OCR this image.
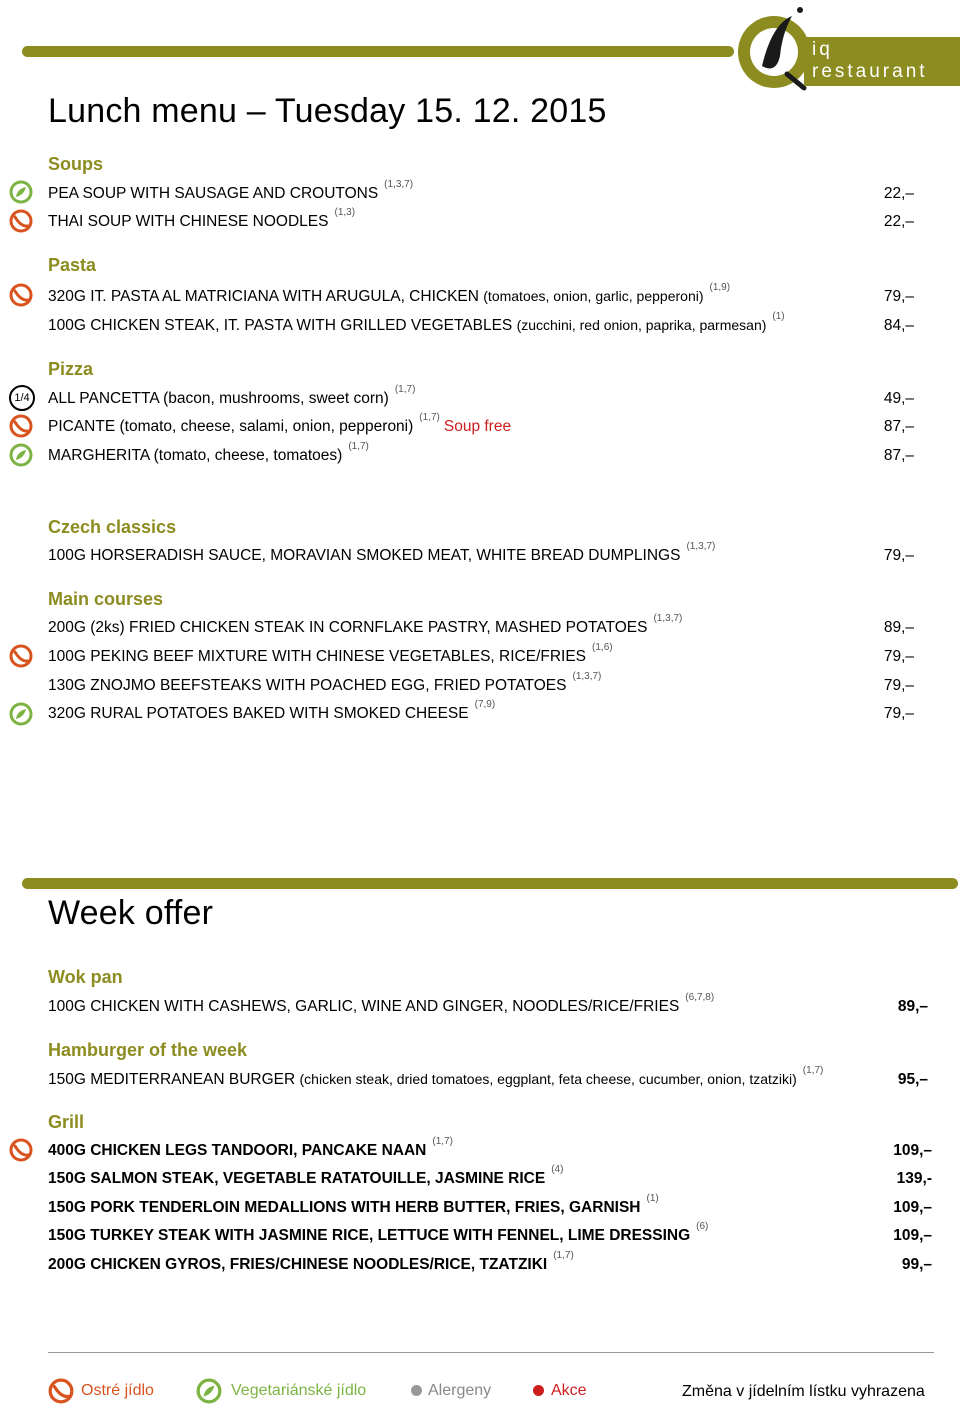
iq restaurant
Lunch menu – Tuesday 15. 12. 2015
Soups
PEA SOUP WITH SAUSAGE AND CROUTONS$^{(1,3,7)}$
22,–
THAI SOUP WITH CHINESE NOODLES$^{(1,3)}$
22,–
Pasta
320G IT. PASTA AL MATRICIANA WITH ARUGULA, CHICKEN (tomatoes, onion, garlic, pepperoni)$^{(1,9)}$
79,–
100G CHICKEN STEAK, IT. PASTA WITH GRILLED VEGETABLES (zucchini, red onion, paprika, parmesan)$^{(1)}$
84,–
Pizza
1/4	ALL PANCETTA (bacon, mushrooms, sweet corn)$^{(1,7)}$
49,–
PICANTE (tomato, cheese, salami, onion, pepperoni)$^{(1,7)}$Soup free	87,–
MARGHERITA (tomato, cheese, tomatoes)$^{(1,7)}$
87,–
Czech classics
100G HORSERADISH SAUCE, MORAVIAN SMOKED MEAT, WHITE BREAD DUMPLINGS$^{(1,3,7)}$
79,–
Main courses
200G (2ks) FRIED CHICKEN STEAK IN CORNFLAKE PASTRY, MASHED POTATOES$^{(1,3,7)}$
89,–
100G PEKING BEEF MIXTURE WITH CHINESE VEGETABLES, RICE/FRIES$^{(1,6)}$
79,–
130G ZNOJMO BEEFSTEAKS WITH POACHED EGG, FRIED POTATOES$^{(1,3,7)}$
79,–
320G RURAL POTATOES BAKED WITH SMOKED CHEESE$^{(7,9)}$
79,–
Week offer
Wok pan
100G CHICKEN WITH CASHEWS, GARLIC, WINE AND GINGER, NOODLES/RICE/FRIES$^{(6,7,8)}$
89,–
Hamburger of the week
150G MEDITERRANEAN BURGER (chicken steak, dried tomatoes, eggplant, feta cheese, cucumber, onion, tzatziki)$^{(1,7)}$
95,–
Grill
400G CHICKEN LEGS TANDOORI, PANCAKE NAAN$^{(1,7)}$
109,–
150G SALMON STEAK, VEGETABLE RATATOUILLE, JASMINE RICE$^{(4)}$
139,-
150G PORK TENDERLOIN MEDALLIONS WITH HERB BUTTER, FRIES, GARNISH$^{(1)}$
109,–
150G TURKEY STEAK WITH JASMINE RICE, LETTUCE WITH FENNEL, LIME DRESSING$^{(6)}$
109,–
200G CHICKEN GYROS, FRIES/CHINESE NOODLES/RICE, TZATZIKI$^{(1,7)}$
99,–
Ostré jídlo	Vegetariánské jídlo	Alergeny	Akce	Změna v jídelním lístku vyhrazena
